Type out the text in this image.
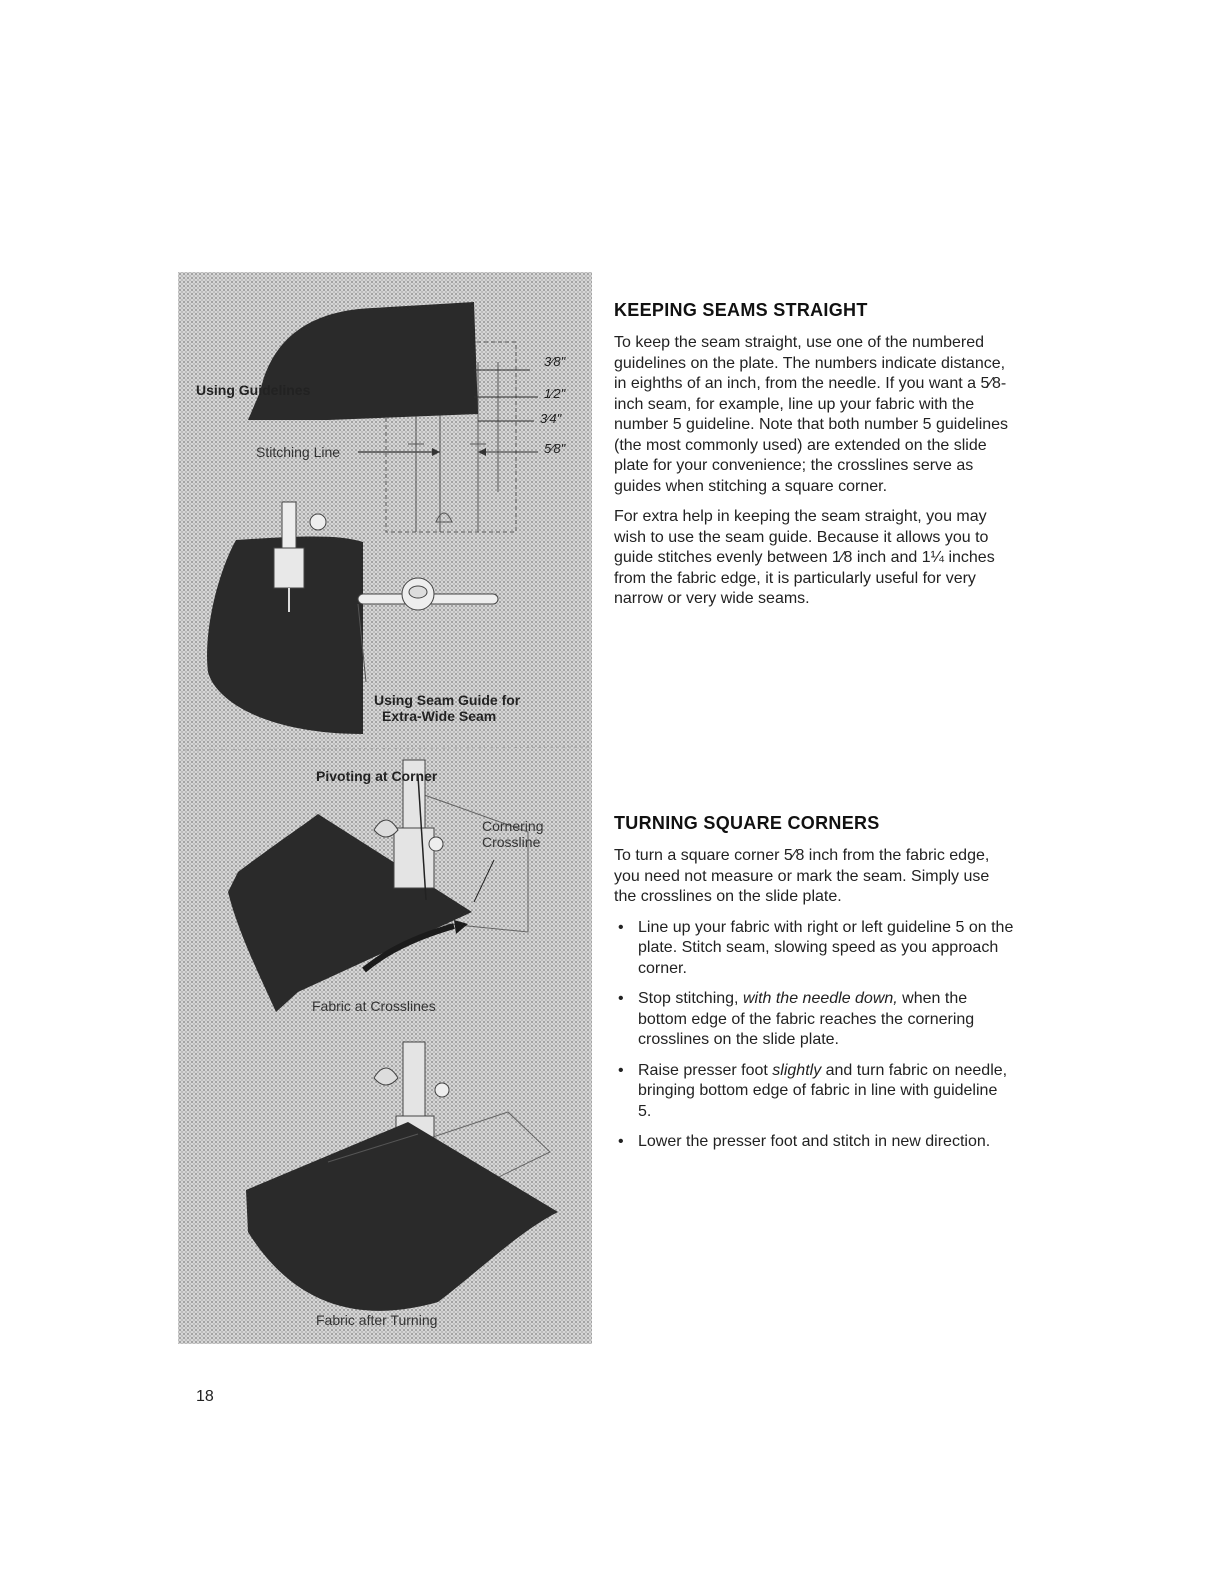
3⁄8"
1⁄2"
3⁄4"
5⁄8"
Using Guidelines
Stitching Line
Using Seam Guide for
Extra-Wide Seam
Pivoting at Corner
Cornering
Crossline
Fabric at Crosslines
Fabric after Turning
KEEPING SEAMS STRAIGHT

To keep the seam straight, use one of the numbered guidelines on the plate. The numbers indicate distance, in eighths of an inch, from the needle. If you want a 5⁄8-inch seam, for example, line up your fabric with the number 5 guideline. Note that both number 5 guidelines (the most commonly used) are extended on the slide plate for your convenience; the crosslines serve as guides when stitching a square corner.

For extra help in keeping the seam straight, you may wish to use the seam guide. Because it allows you to guide stitches evenly between 1⁄8 inch and 1¼ inches from the fabric edge, it is particularly useful for very narrow or very wide seams.

TURNING SQUARE CORNERS

To turn a square corner 5⁄8 inch from the fabric edge, you need not measure or mark the seam. Simply use the crosslines on the slide plate.

• Line up your fabric with right or left guideline 5 on the plate. Stitch seam, slowing speed as you approach corner.
• Stop stitching, with the needle down, when the bottom edge of the fabric reaches the cornering crosslines on the slide plate.
• Raise presser foot slightly and turn fabric on needle, bringing bottom edge of fabric in line with guideline 5.
• Lower the presser foot and stitch in new direction.
18
